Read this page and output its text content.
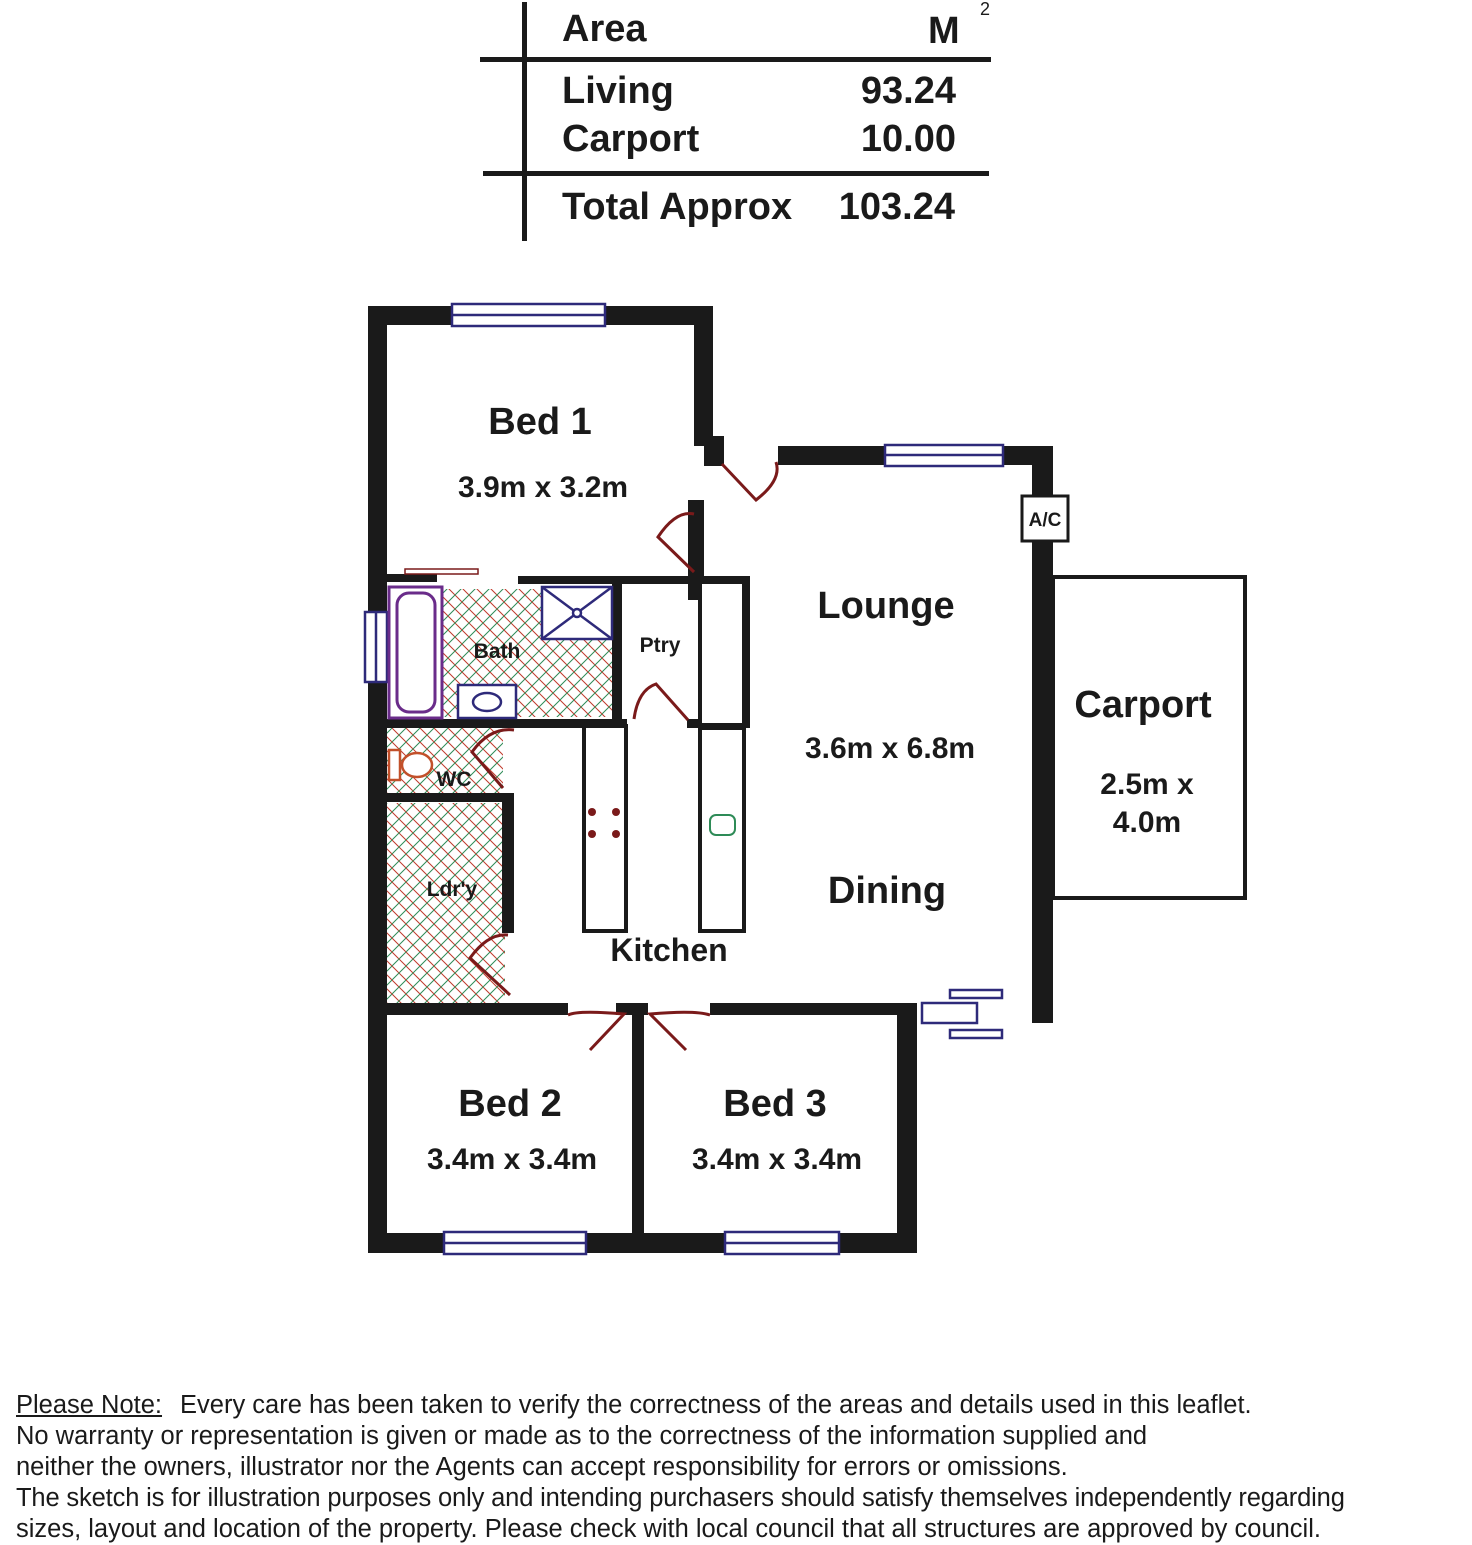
Area	M
2
Living	93.24
Carport	10.00
Total Approx	103.24
Bed 1
3.9m x 3.2m
Lounge
3.6m x 6.8m
Dining
Kitchen
Bath	Ptry
WC
Ldr'y
A/C
Carport
2.5m x
4.0m
Bed 2
3.4m x 3.4m
Bed 3
3.4m x 3.4m
Please Note: Every care has been taken to verify the correctness of the areas and details used in this leaflet.
No warranty or representation is given or made as to the correctness of the information supplied and
neither the owners, illustrator nor the Agents can accept responsibility for errors or omissions.
The sketch is for illustration purposes only and intending purchasers should satisfy themselves independently regarding
sizes, layout and location of the property. Please check with local council that all structures are approved by council.
